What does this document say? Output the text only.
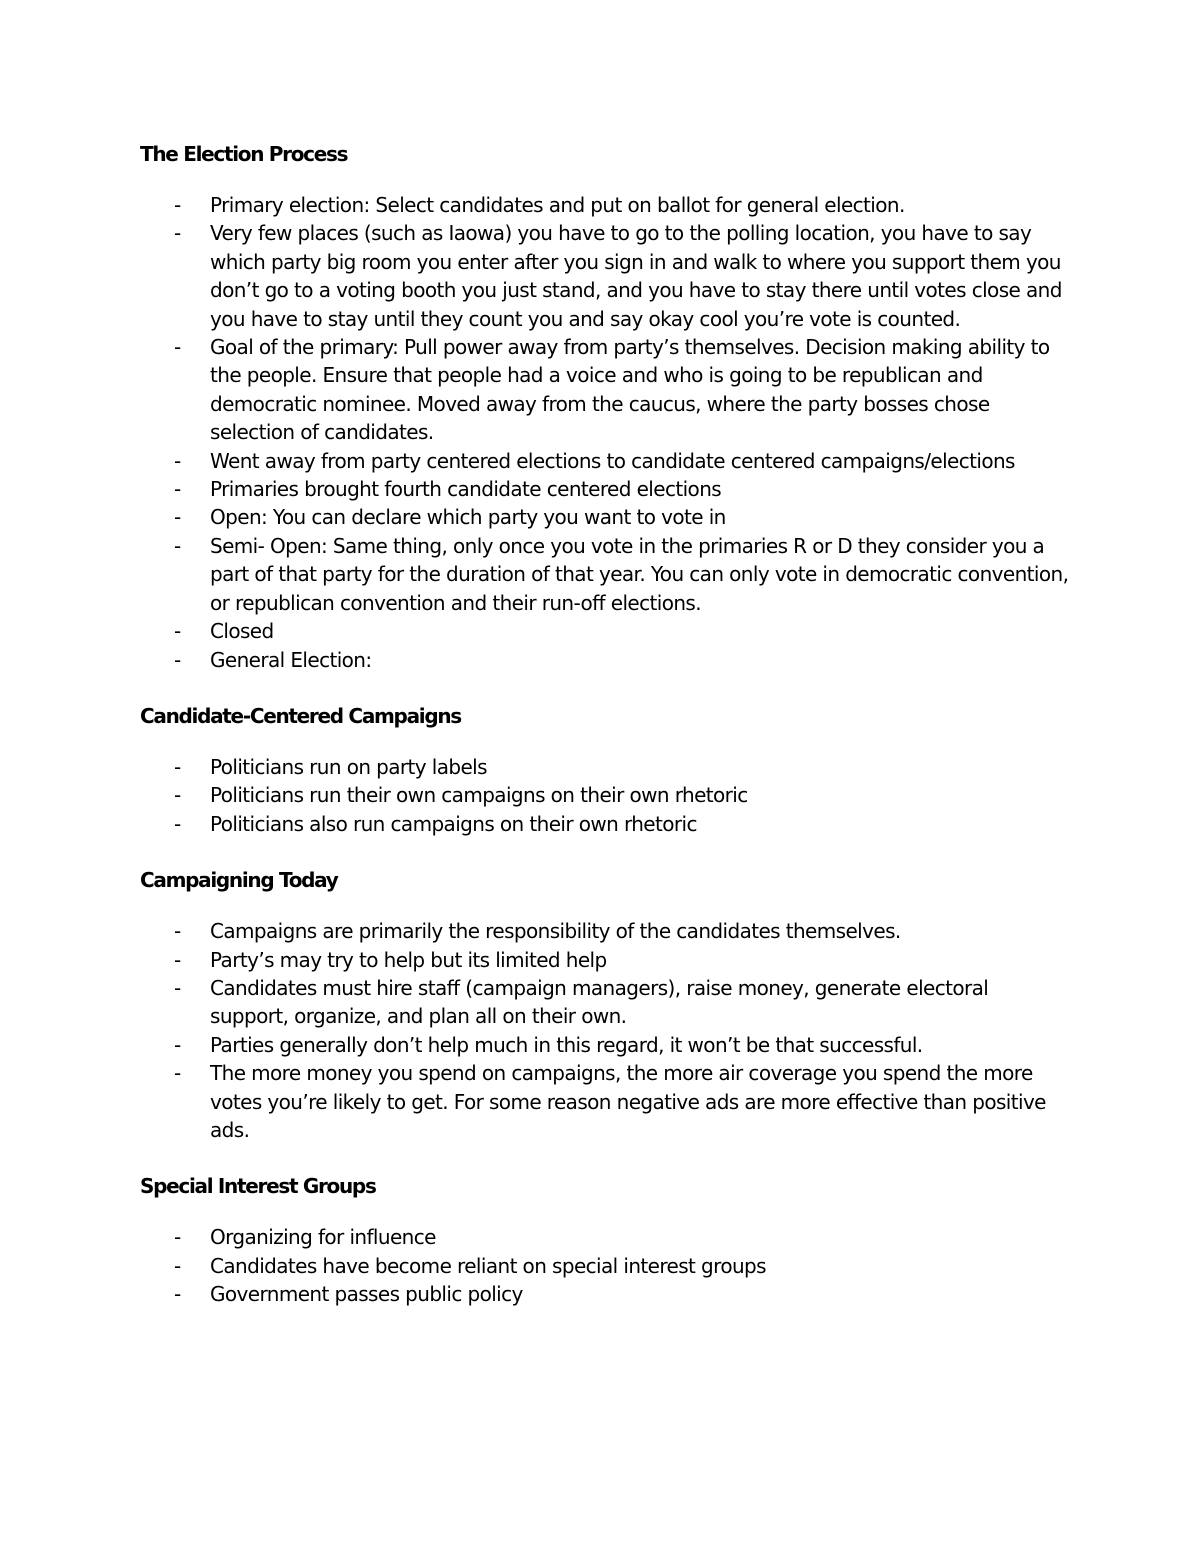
The Election Process
- Primary election: Select candidates and put on ballot for general election.
- Very few places (such as Iaowa) you have to go to the polling location, you have to say which party big room you enter after you sign in and walk to where you support them you don’t go to a voting booth you just stand, and you have to stay there until votes close and you have to stay until they count you and say okay cool you’re vote is counted.
- Goal of the primary: Pull power away from party’s themselves. Decision making ability to the people. Ensure that people had a voice and who is going to be republican and democratic nominee. Moved away from the caucus, where the party bosses chose selection of candidates.
- Went away from party centered elections to candidate centered campaigns/elections
- Primaries brought fourth candidate centered elections
- Open: You can declare which party you want to vote in
- Semi- Open: Same thing, only once you vote in the primaries R or D they consider you a part of that party for the duration of that year. You can only vote in democratic convention, or republican convention and their run-off elections.
- Closed
- General Election:
Candidate-Centered Campaigns
- Politicians run on party labels
- Politicians run their own campaigns on their own rhetoric
- Politicians also run campaigns on their own rhetoric
Campaigning Today
- Campaigns are primarily the responsibility of the candidates themselves.
- Party’s may try to help but its limited help
- Candidates must hire staff (campaign managers), raise money, generate electoral support, organize, and plan all on their own.
- Parties generally don’t help much in this regard, it won’t be that successful.
- The more money you spend on campaigns, the more air coverage you spend the more votes you’re likely to get. For some reason negative ads are more effective than positive ads.
Special Interest Groups
- Organizing for influence
- Candidates have become reliant on special interest groups
- Government passes public policy
